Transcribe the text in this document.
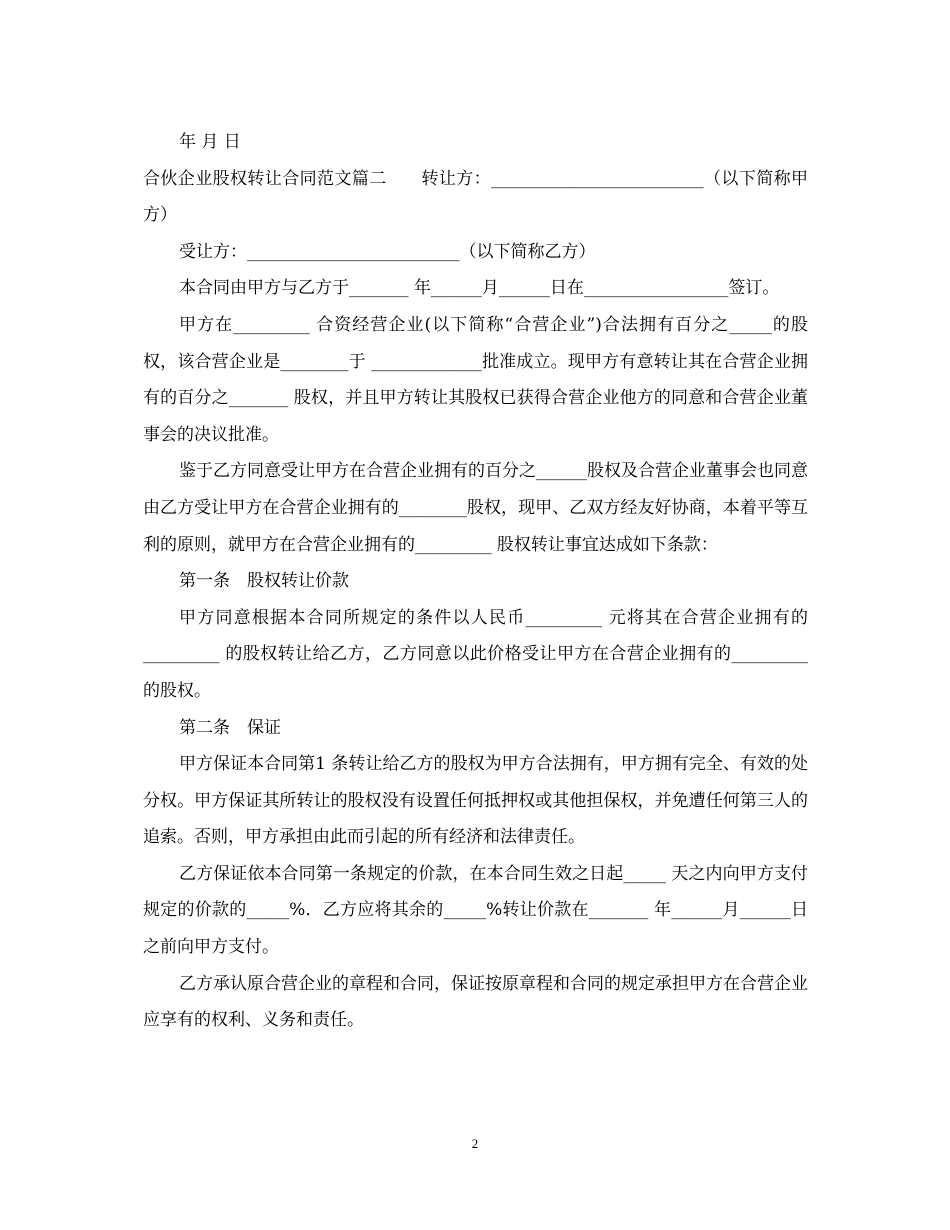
年 月 日

合伙企业股权转让合同范文篇二　　转让方：_________________________（以下简称甲方）

受让方：_________________________（以下简称乙方）

本合同由甲方与乙方于_______ 年______月______日在_________________签订。

甲方在_________ 合资经营企业(以下简称“合营企业”)合法拥有百分之_____的股权，该合营企业是________于 _____________批准成立。现甲方有意转让其在合营企业拥有的百分之_______ 股权，并且甲方转让其股权已获得合营企业他方的同意和合营企业董事会的决议批准。

鉴于乙方同意受让甲方在合营企业拥有的百分之______股权及合营企业董事会也同意由乙方受让甲方在合营企业拥有的________股权，现甲、乙双方经友好协商，本着平等互利的原则，就甲方在合营企业拥有的_________ 股权转让事宜达成如下条款：

第一条　股权转让价款

甲方同意根据本合同所规定的条件以人民币_________ 元将其在合营企业拥有的_________ 的股权转让给乙方，乙方同意以此价格受让甲方在合营企业拥有的_________ 的股权。

第二条　保证

甲方保证本合同第1 条转让给乙方的股权为甲方合法拥有，甲方拥有完全、有效的处分权。甲方保证其所转让的股权没有设置任何抵押权或其他担保权，并免遭任何第三人的追索。否则，甲方承担由此而引起的所有经济和法律责任。

乙方保证依本合同第一条规定的价款，在本合同生效之日起_____ 天之内向甲方支付规定的价款的_____%．乙方应将其余的_____%转让价款在_______ 年______月______日之前向甲方支付。

乙方承认原合营企业的章程和合同，保证按原章程和合同的规定承担甲方在合营企业应享有的权利、义务和责任。

2
